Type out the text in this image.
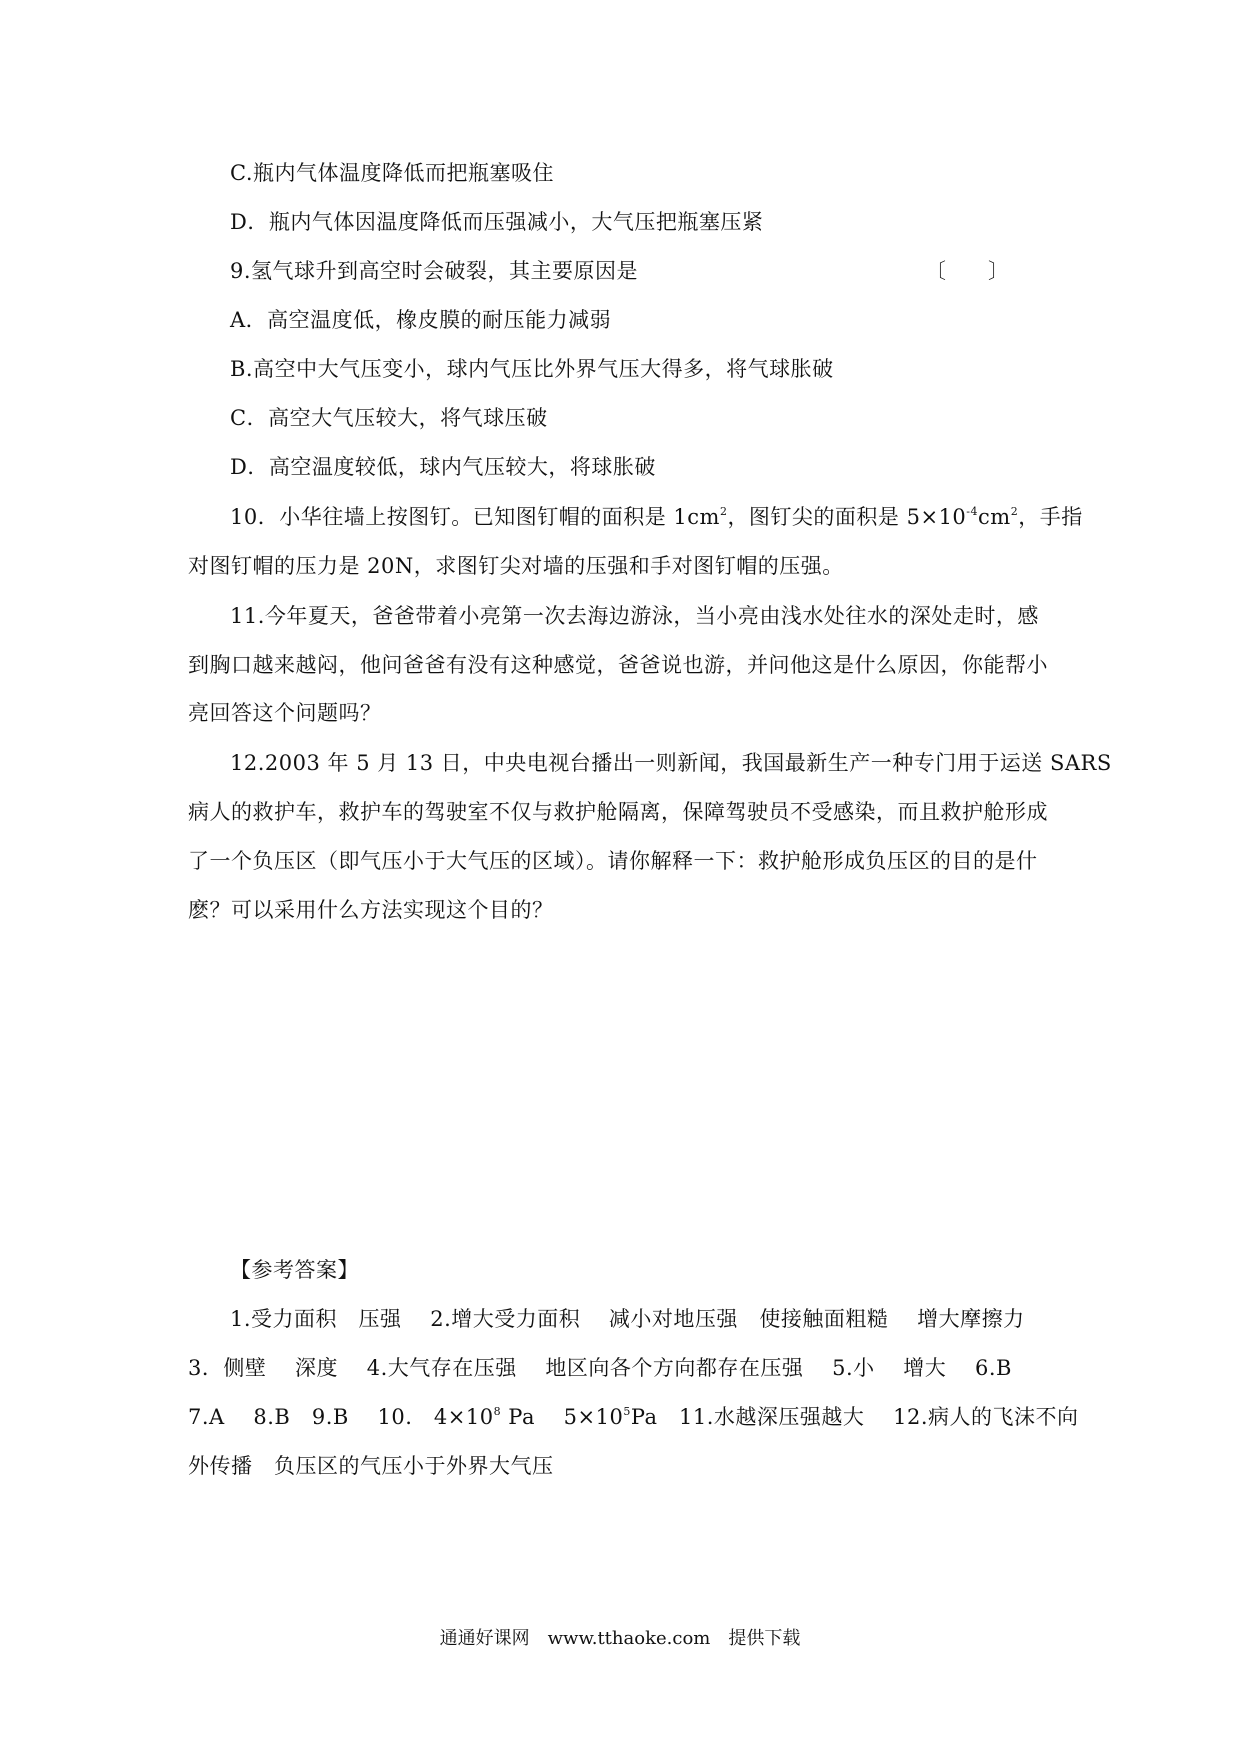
C.瓶内气体温度降低而把瓶塞吸住
D．瓶内气体因温度降低而压强减小，大气压把瓶塞压紧
9.氢气球升到高空时会破裂，其主要原因是	〔　　〕
A．高空温度低，橡皮膜的耐压能力减弱
B.高空中大气压变小，球内气压比外界气压大得多，将气球胀破
C．高空大气压较大，将气球压破
D．高空温度较低，球内气压较大，将球胀破
10．小华往墙上按图钉。已知图钉帽的面积是 $1cm^2$，图钉尖的面积是 $5\times 10^{-4}cm^2$，手指
对图钉帽的压力是 20N，求图钉尖对墙的压强和手对图钉帽的压强。
11.今年夏天，爸爸带着小亮第一次去海边游泳，当小亮由浅水处往水的深处走时，感
到胸口越来越闷，他问爸爸有没有这种感觉，爸爸说也游，并问他这是什么原因，你能帮小
亮回答这个问题吗？
12.2003 年 5 月 13 日，中央电视台播出一则新闻，我国最新生产一种专门用于运送 SARS
病人的救护车，救护车的驾驶室不仅与救护舱隔离，保障驾驶员不受感染，而且救护舱形成
了一个负压区（即气压小于大气压的区域）。请你解释一下：救护舱形成负压区的目的是什
麽？可以采用什么方法实现这个目的？
【参考答案】
1.受力面积　压强　 2.增大受力面积　 减小对地压强　使接触面粗糙　 增大摩擦力
3．侧壁　 深度　 4.大气存在压强　 地区向各个方向都存在压强　 5.小　 增大　 6.B
7.A　 8.B　9.B　 10.　$4\times 10^8$ Pa　 $5\times 10^5Pa$　11.水越深压强越大　 12.病人的飞沫不向
外传播　负压区的气压小于外界大气压
通通好课网　www.tthaoke.com　提供下载
